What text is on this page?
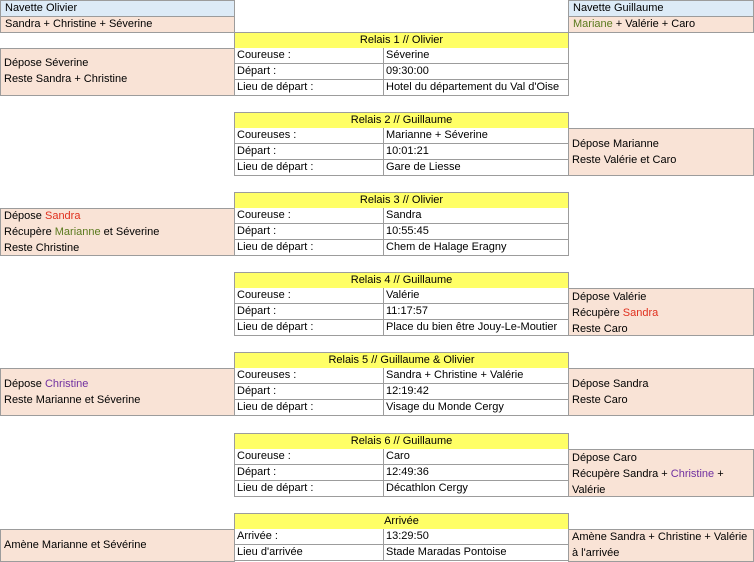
Navette Olivier
Sandra + Christine + Séverine
Navette Guillaume
Mariane + Valérie + Caro
Relais 1 // Olivier
Coureuse :	Séverine
Départ :	09:30:00
Lieu de départ :	Hotel du département du Val d'Oise
Relais 2 // Guillaume
Coureuses :	Marianne + Séverine
Départ :	10:01:21
Lieu de départ :	Gare de Liesse
Relais 3 // Olivier
Coureuse :	Sandra
Départ :	10:55:45
Lieu de départ :	Chem de Halage Eragny
Relais 4 // Guillaume
Coureuse :	Valérie
Départ :	11:17:57
Lieu de départ :	Place du bien être Jouy-Le-Moutier
Relais 5 // Guillaume & Olivier
Coureuses :	Sandra + Christine + Valérie
Départ :	12:19:42
Lieu de départ :	Visage du Monde Cergy
Relais 6 // Guillaume
Coureuse :	Caro
Départ :	12:49:36
Lieu de départ :	Décathlon Cergy
Arrivée
Arrivée :	13:29:50
Lieu d'arrivée	Stade Maradas Pontoise
Dépose Séverine
Reste Sandra + Christine
Dépose Sandra
Récupère Marianne et Séverine
Reste Christine
Dépose Christine
Reste Marianne et Séverine
Amène Marianne et Sévérine
Dépose Marianne
Reste Valérie et Caro
Dépose Valérie
Récupère Sandra
Reste Caro
Dépose Sandra
Reste Caro
Dépose Caro
Récupère Sandra + Christine +
Valérie
Amène Sandra + Christine + Valérie
à l'arrivée
